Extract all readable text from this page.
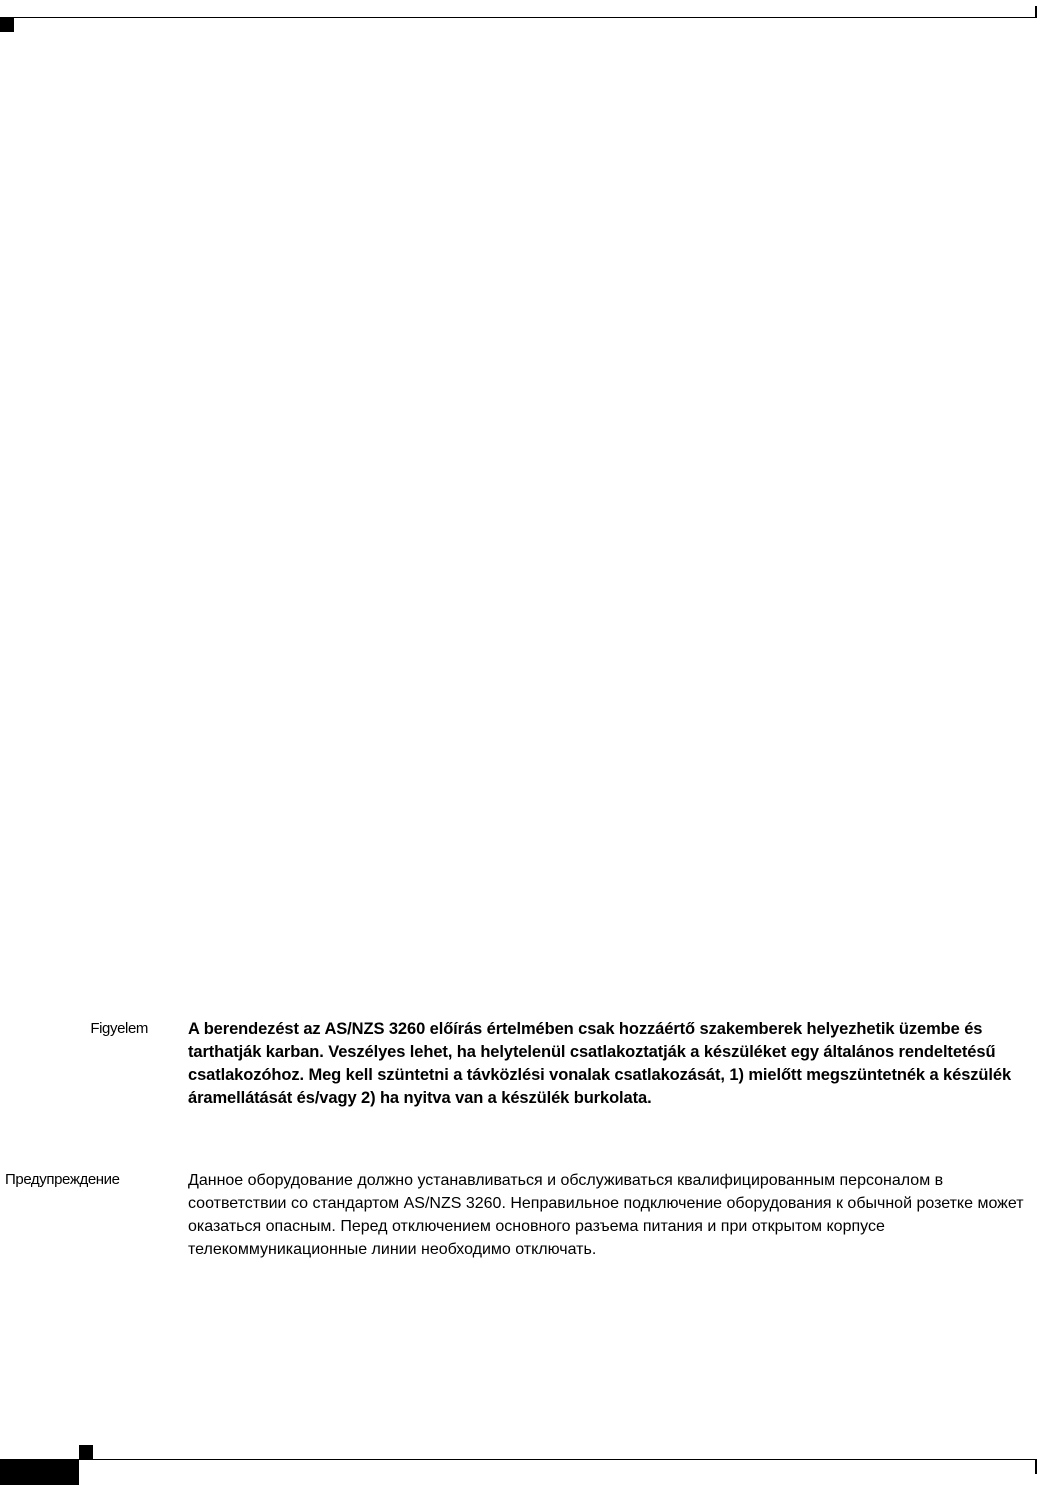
Figyelem A berendezést az AS/NZS 3260 előírás értelmében csak hozzáértő szakemberek helyezhetik üzembe és tarthatják karban. Veszélyes lehet, ha helytelenül csatlakoztatják a készüléket egy általános rendeltetésű csatlakozóhoz. Meg kell szüntetni a távközlési vonalak csatlakozását, 1) mielőtt megszüntetnék a készülék áramellátását és/vagy 2) ha nyitva van a készülék burkolata.

Предупреждение	Данное оборудование должно устанавливаться и обслуживаться квалифицированным персоналом в соответствии со стандартом AS/NZS 3260. Неправильное подключение оборудования к обычной розетке может оказаться опасным. Перед отключением основного разъема питания и при открытом корпусе телекоммуникационные линии необходимо отключать.
